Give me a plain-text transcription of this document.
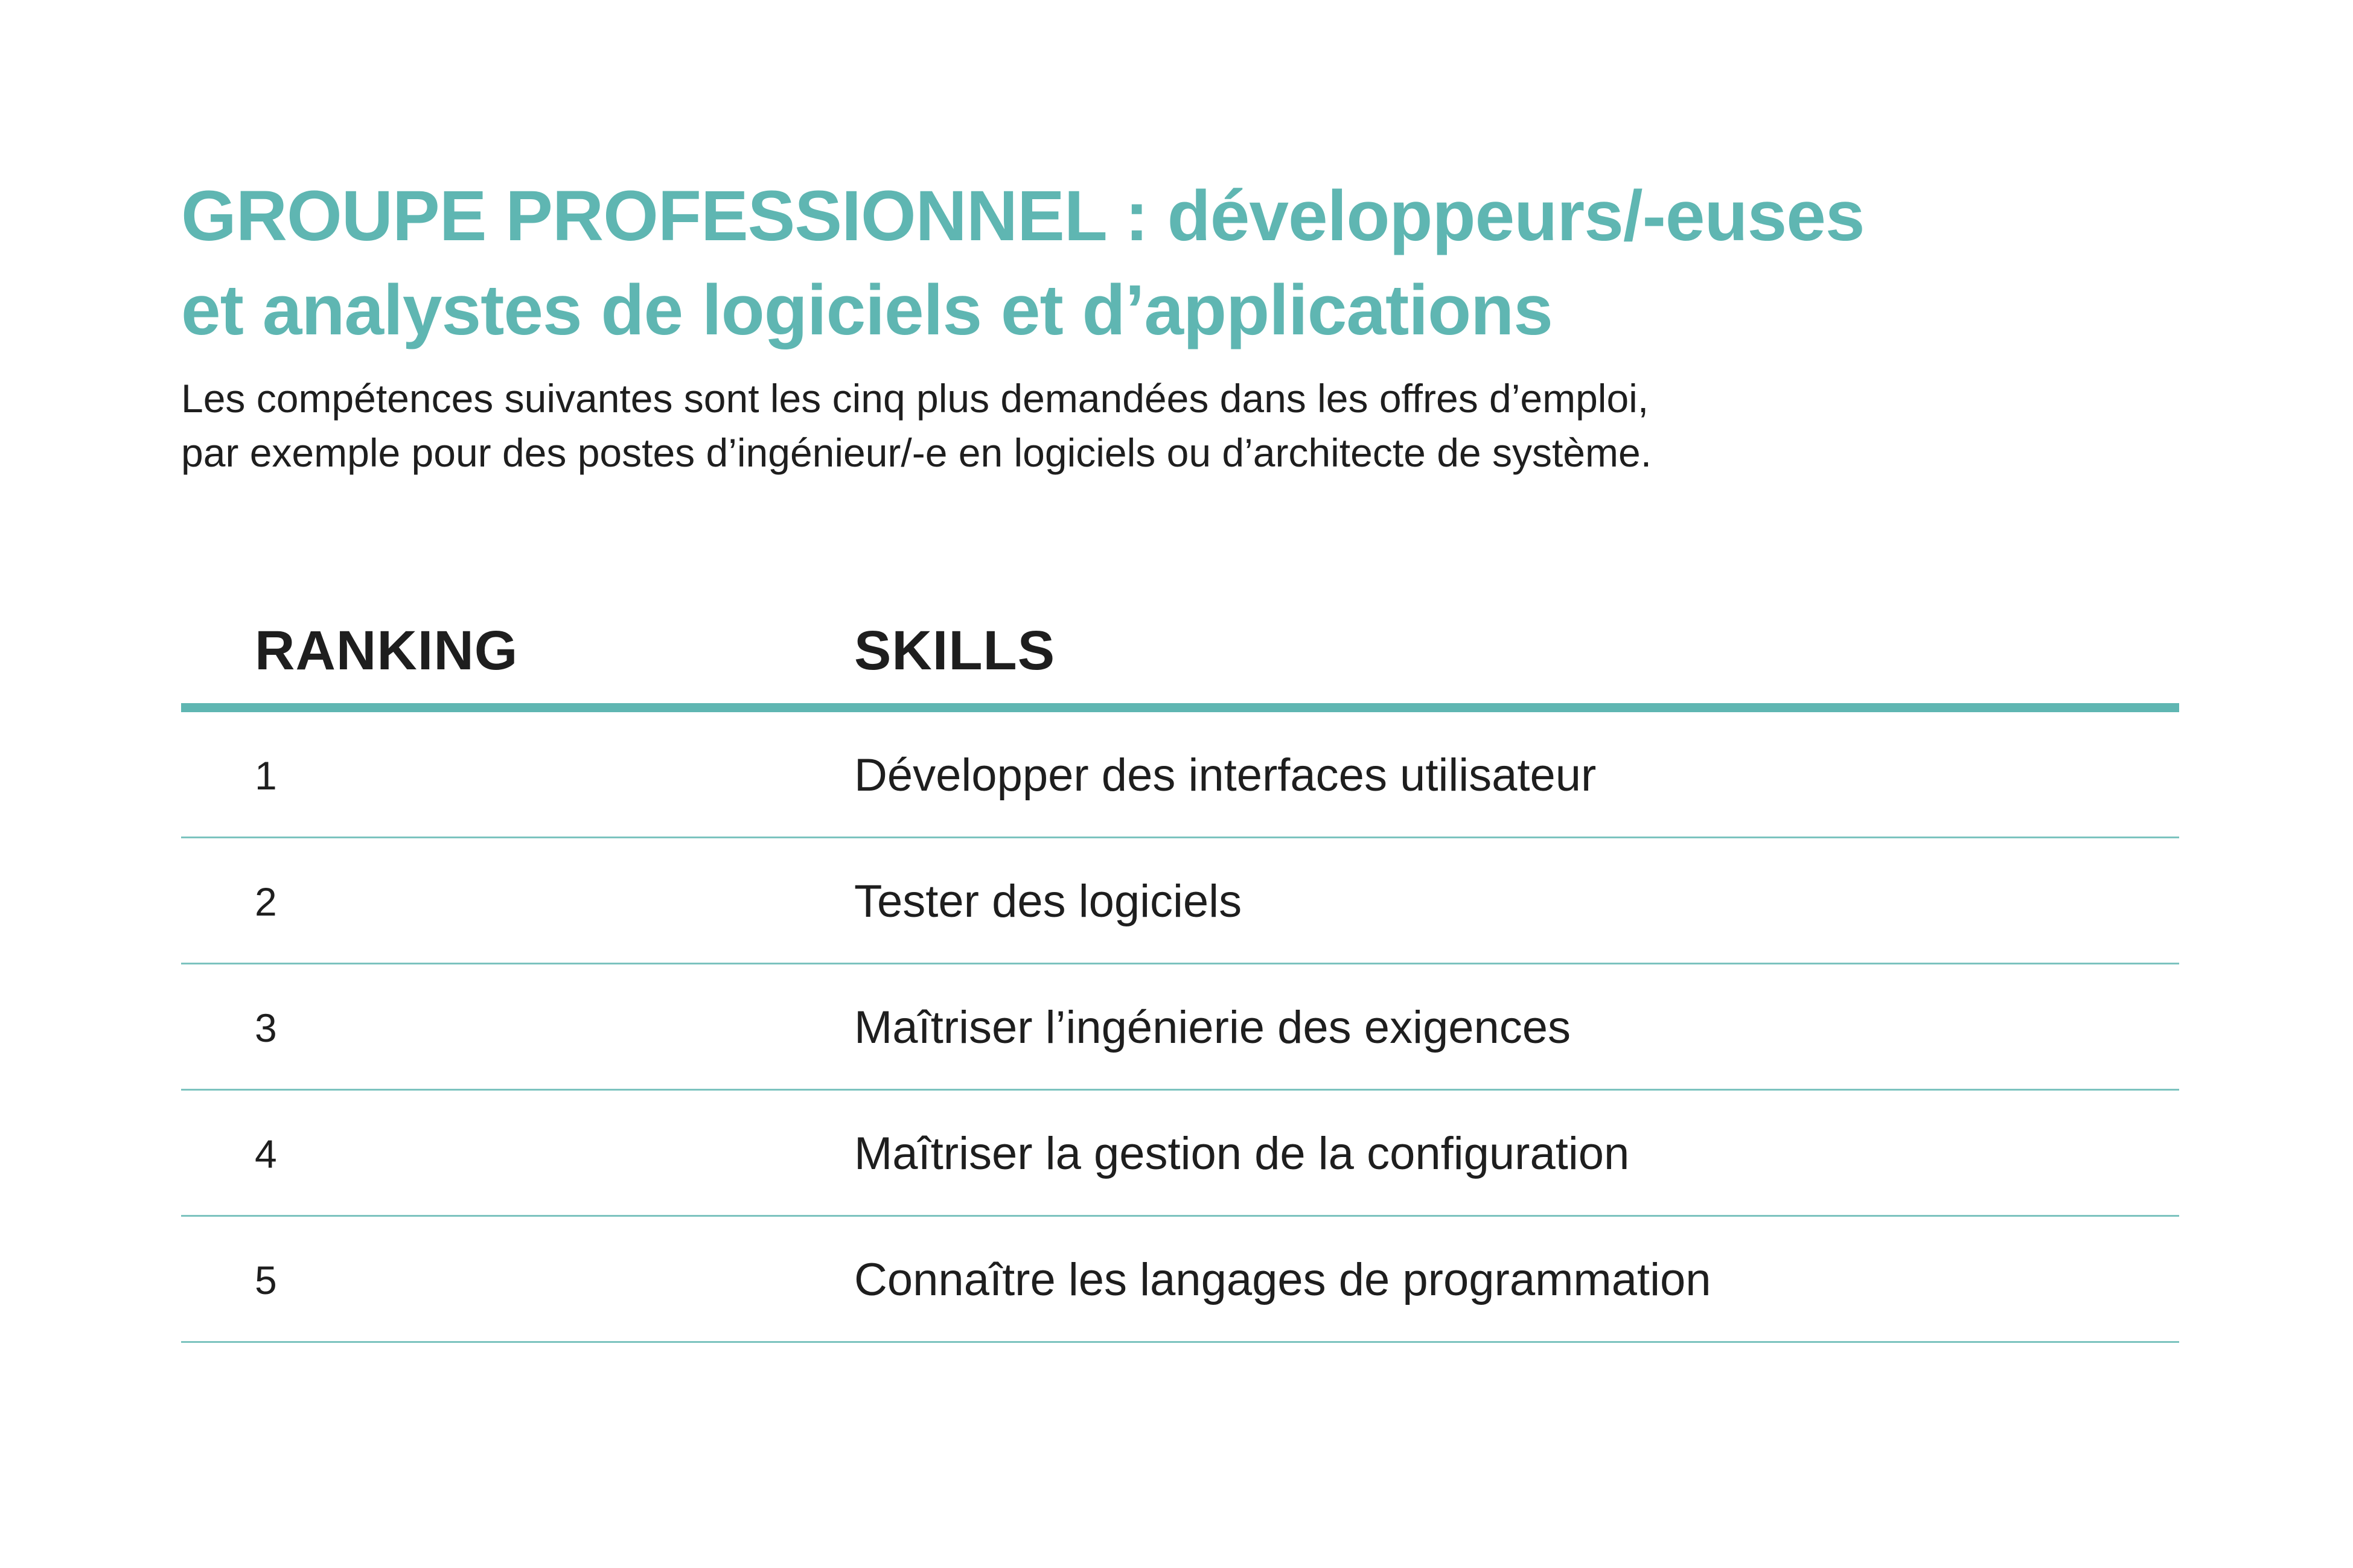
GROUPE PROFESSIONNEL : développeurs/-euses
et analystes de logiciels et d’applications

Les compétences suivantes sont les cinq plus demandées dans les offres d’emploi,
par exemple pour des postes d’ingénieur/-e en logiciels ou d’architecte de système.

RANKING	SKILLS
1	Développer des interfaces utilisateur
2	Tester des logiciels
3	Maîtriser l’ingénierie des exigences
4	Maîtriser la gestion de la configuration
5	Connaître les langages de programmation
